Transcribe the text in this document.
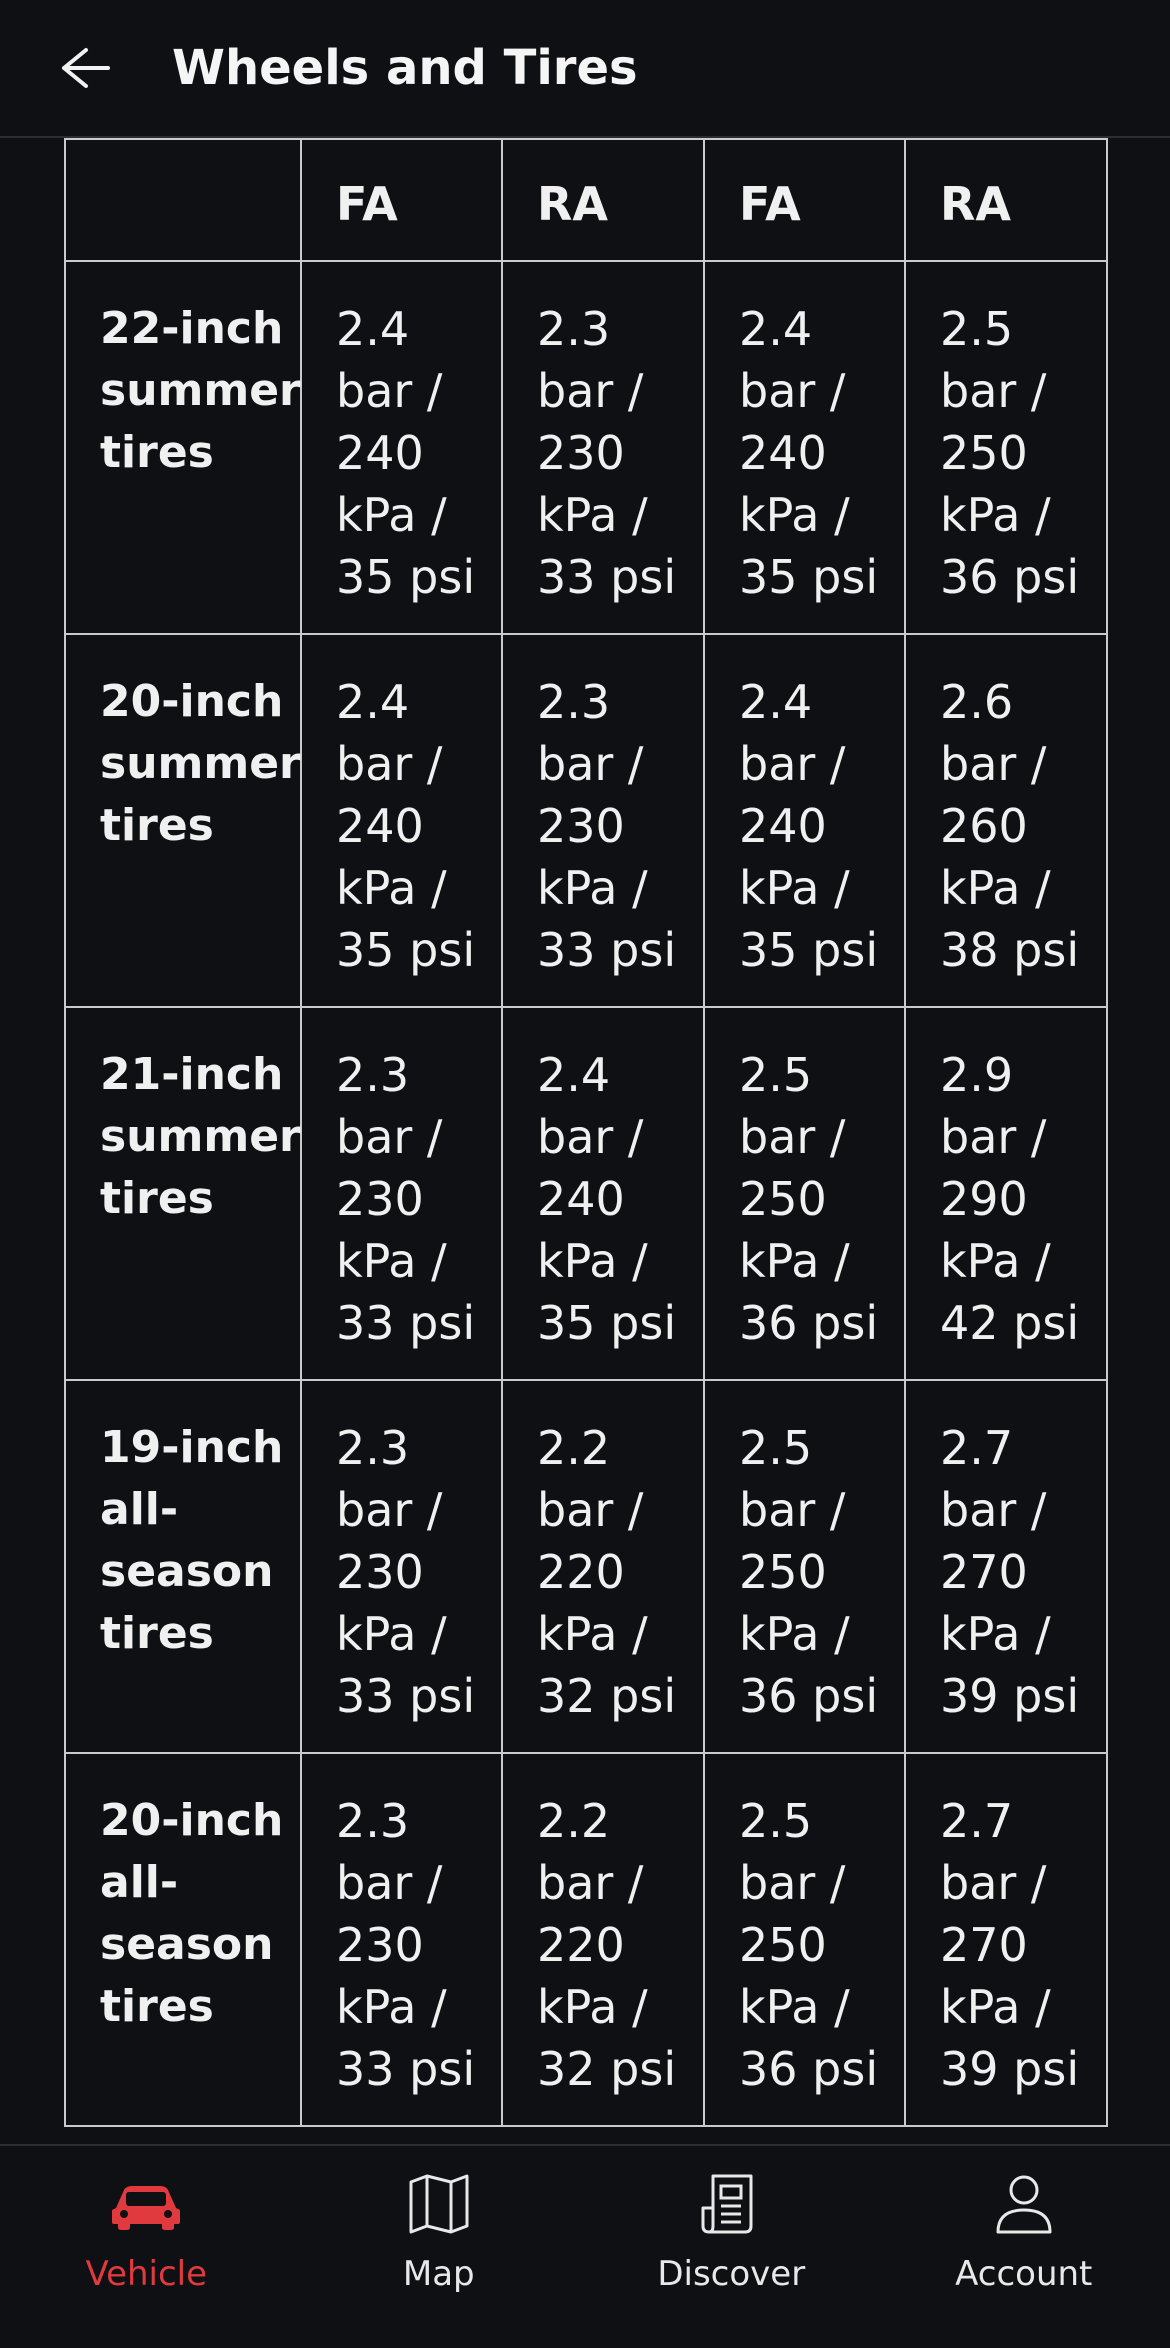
Wheels and Tires

	FA	RA	FA	RA

22-inch
summer
tires	2.4
bar /
240
kPa /
35 psi	2.3
bar /
230
kPa /
33 psi	2.4
bar /
240
kPa /
35 psi	2.5
bar /
250
kPa /
36 psi

20-inch
summer
tires	2.4
bar /
240
kPa /
35 psi	2.3
bar /
230
kPa /
33 psi	2.4
bar /
240
kPa /
35 psi	2.6
bar /
260
kPa /
38 psi

21-inch
summer
tires	2.3
bar /
230
kPa /
33 psi	2.4
bar /
240
kPa /
35 psi	2.5
bar /
250
kPa /
36 psi	2.9
bar /
290
kPa /
42 psi

19-inch
all-
season
tires	2.3
bar /
230
kPa /
33 psi	2.2
bar /
220
kPa /
32 psi	2.5
bar /
250
kPa /
36 psi	2.7
bar /
270
kPa /
39 psi

20-inch
all-
season
tires	2.3
bar /
230
kPa /
33 psi	2.2
bar /
220
kPa /
32 psi	2.5
bar /
250
kPa /
36 psi	2.7
bar /
270
kPa /
39 psi
Vehicle	Map	Discover	Account
